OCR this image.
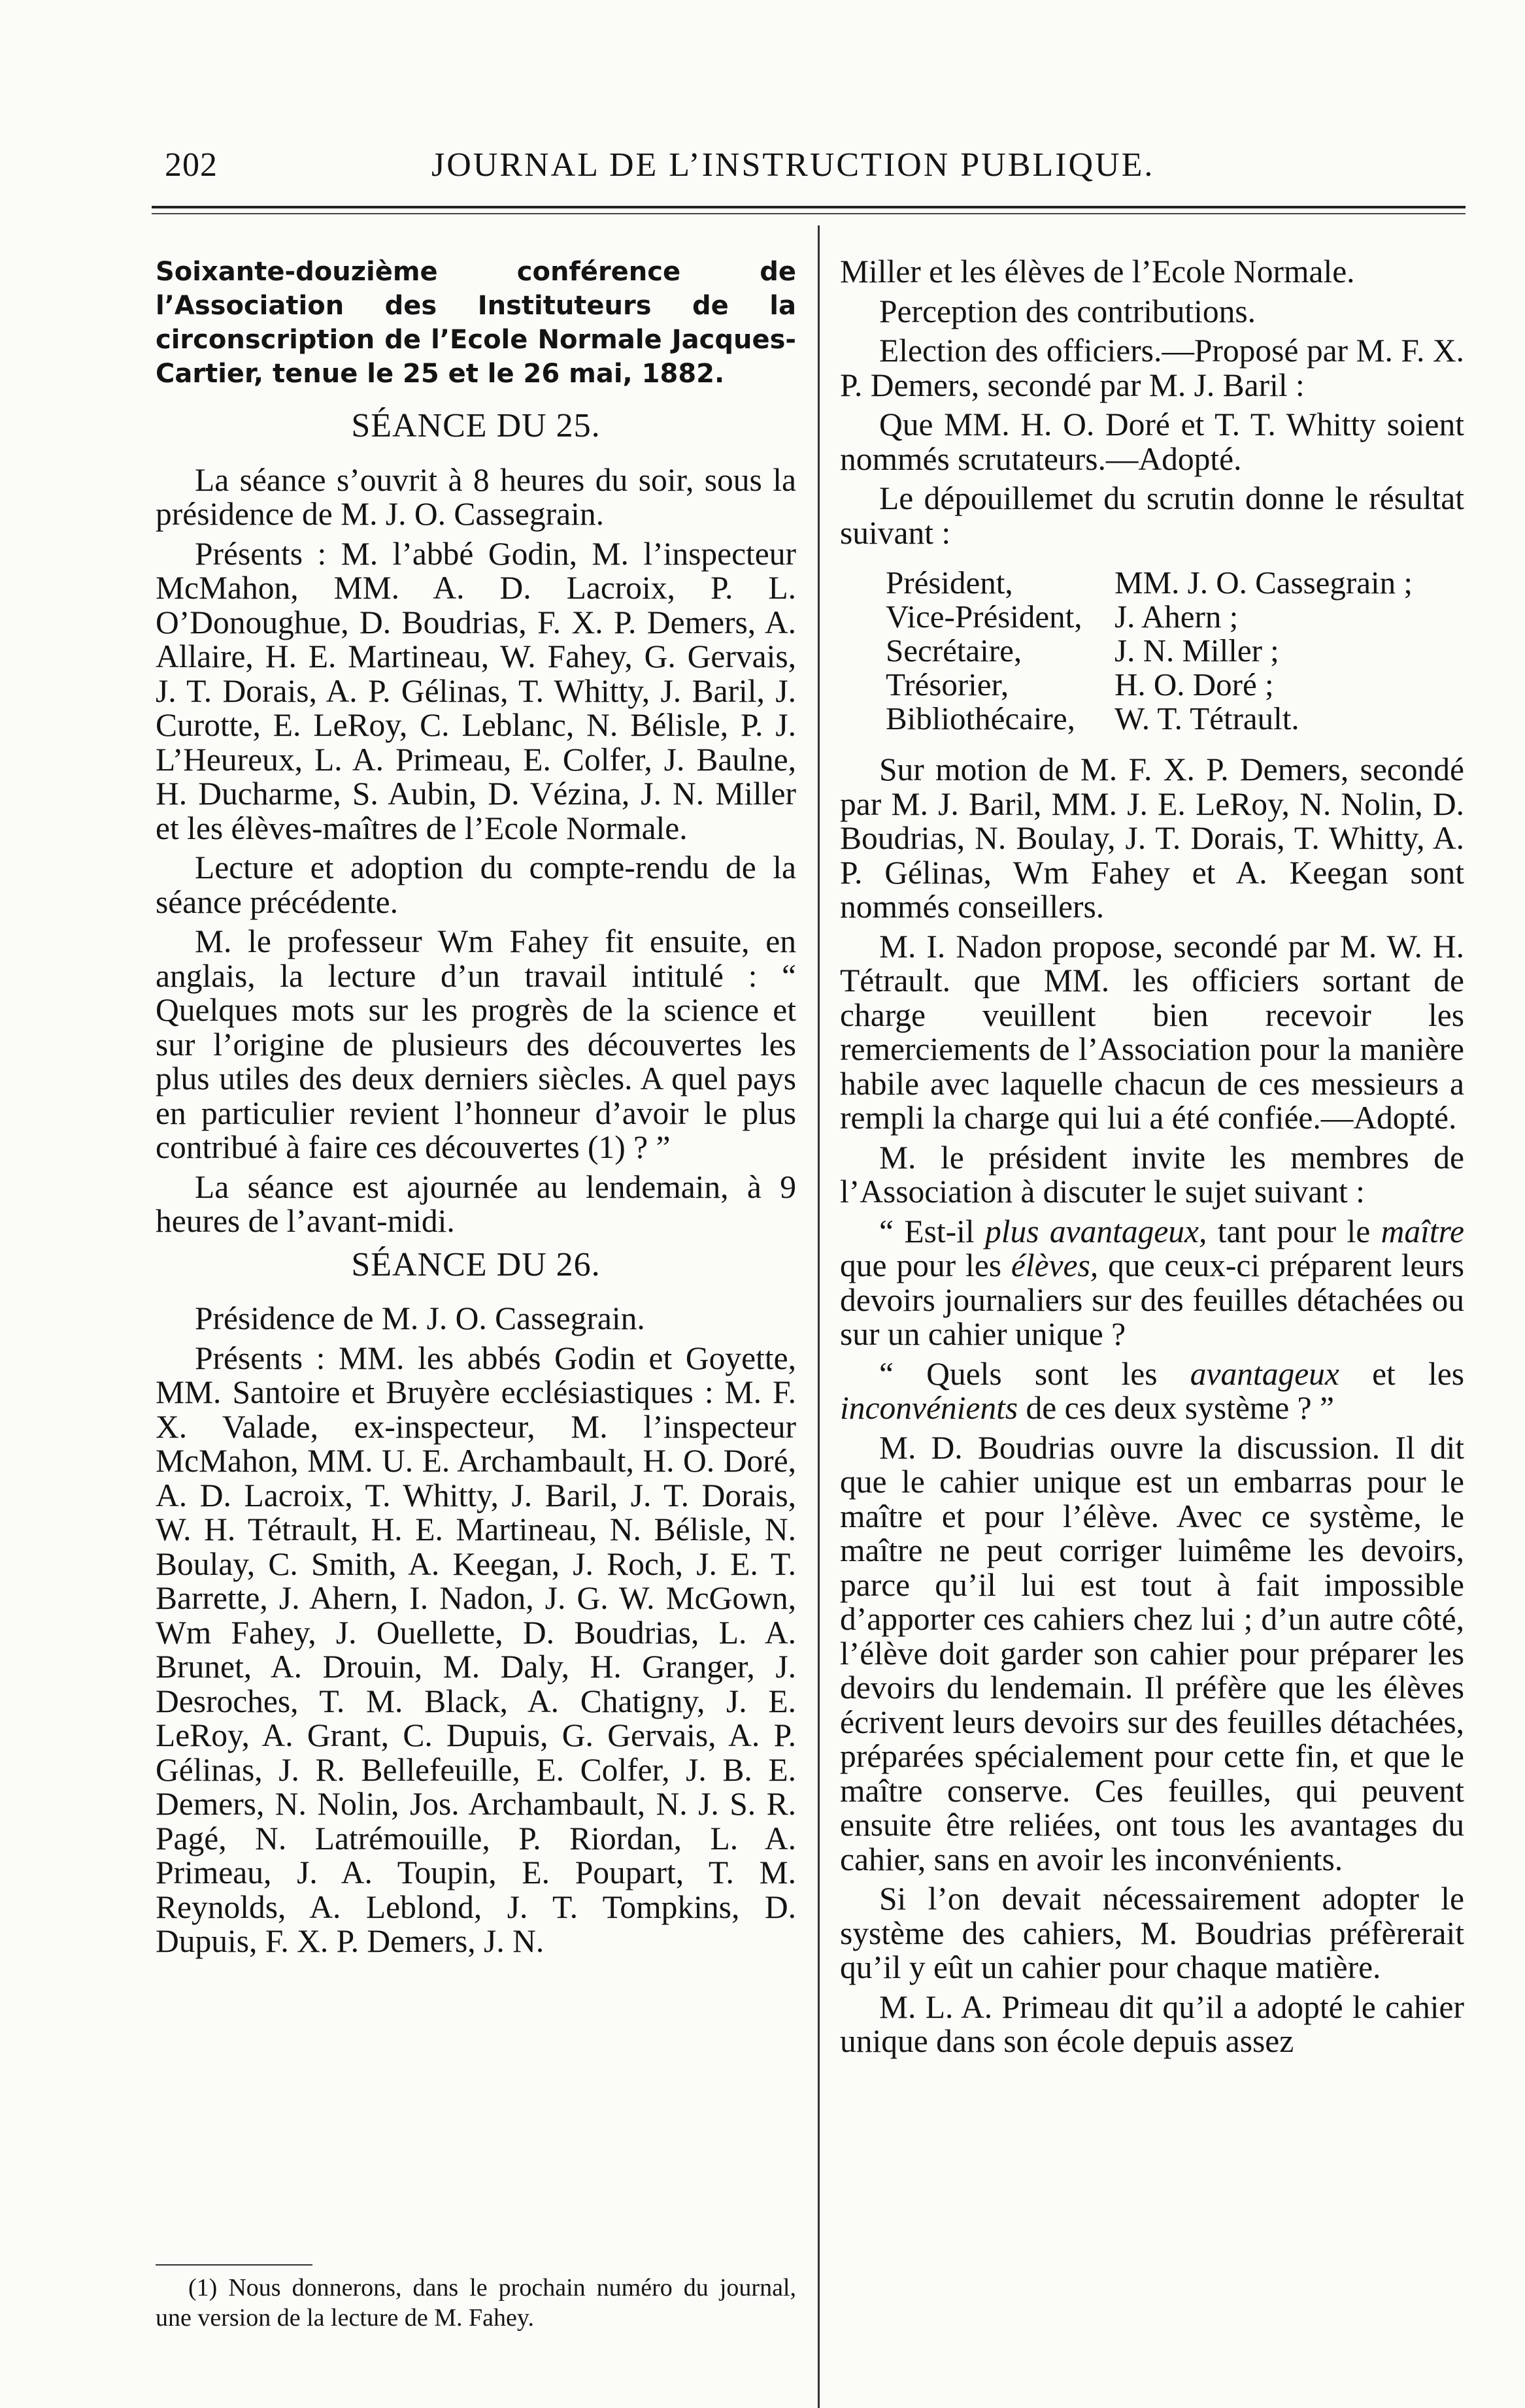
202	JOURNAL DE L’INSTRUCTION PUBLIQUE.
Soixante-douzième conférence de l’Association des Instituteurs de la circonscription de l’Ecole Normale Jacques-Cartier, tenue le 25 et le 26 mai, 1882.
SÉANCE DU 25.

La séance s’ouvrit à 8 heures du soir, sous la présidence de M. J. O. Cassegrain.

Présents : M. l’abbé Godin, M. l’inspecteur McMahon, MM. A. D. Lacroix, P. L. O’Donoughue, D. Boudrias, F. X. P. Demers, A. Allaire, H. E. Martineau, W. Fahey, G. Gervais, J. T. Dorais, A. P. Gélinas, T. Whitty, J. Baril, J. Curotte, E. LeRoy, C. Leblanc, N. Bélisle, P. J. L’Heureux, L. A. Primeau, E. Colfer, J. Baulne, H. Ducharme, S. Aubin, D. Vézina, J. N. Miller et les élèves-maîtres de l’Ecole Normale.

Lecture et adoption du compte-rendu de la séance précédente.

M. le professeur Wm Fahey fit ensuite, en anglais, la lecture d’un travail intitulé : “ Quelques mots sur les progrès de la science et sur l’origine de plusieurs des découvertes les plus utiles des deux derniers siècles. A quel pays en particulier revient l’honneur d’avoir le plus contribué à faire ces découvertes (1) ? ”

La séance est ajournée au lendemain, à 9 heures de l’avant-midi.

SÉANCE DU 26.

Présidence de M. J. O. Cassegrain.

Présents : MM. les abbés Godin et Goyette, MM. Santoire et Bruyère ecclésiastiques : M. F. X. Valade, ex-inspecteur, M. l’inspecteur McMahon, MM. U. E. Archambault, H. O. Doré, A. D. Lacroix, T. Whitty, J. Baril, J. T. Dorais, W. H. Tétrault, H. E. Martineau, N. Bélisle, N. Boulay, C. Smith, A. Keegan, J. Roch, J. E. T. Barrette, J. Ahern, I. Nadon, J. G. W. McGown, Wm Fahey, J. Ouellette, D. Boudrias, L. A. Brunet, A. Drouin, M. Daly, H. Granger, J. Desroches, T. M. Black, A. Chatigny, J. E. LeRoy, A. Grant, C. Dupuis, G. Gervais, A. P. Gélinas, J. R. Bellefeuille, E. Colfer, J. B. E. Demers, N. Nolin, Jos. Archambault, N. J. S. R. Pagé, N. Latrémouille, P. Riordan, L. A. Primeau, J. A. Toupin, E. Poupart, T. M. Reynolds, A. Leblond, J. T. Tompkins, D. Dupuis, F. X. P. Demers, J. N.

(1) Nous donnerons, dans le prochain numéro du journal, une version de la lecture de M. Fahey.

Miller et les élèves de l’Ecole Normale.

Perception des contributions.

Election des officiers.—Proposé par M. F. X. P. Demers, secondé par M. J. Baril :

Que MM. H. O. Doré et T. T. Whitty soient nommés scrutateurs.—Adopté.

Le dépouillemet du scrutin donne le résultat suivant :

Président,	MM. J. O. Cassegrain ;
Vice-Président,	J. Ahern ;
Secrétaire,	J. N. Miller ;
Trésorier,	H. O. Doré ;
Bibliothécaire,	W. T. Tétrault.

Sur motion de M. F. X. P. Demers, secondé par M. J. Baril, MM. J. E. LeRoy, N. Nolin, D. Boudrias, N. Boulay, J. T. Dorais, T. Whitty, A. P. Gélinas, Wm Fahey et A. Keegan sont nommés conseillers.

M. I. Nadon propose, secondé par M. W. H. Tétrault. que MM. les officiers sortant de charge veuillent bien recevoir les remerciements de l’Association pour la manière habile avec laquelle chacun de ces messieurs a rempli la charge qui lui a été confiée.—Adopté.

M. le président invite les membres de l’Association à discuter le sujet suivant :

“ Est-il plus avantageux, tant pour le maître que pour les élèves, que ceux-ci préparent leurs devoirs journaliers sur des feuilles détachées ou sur un cahier unique ?

“ Quels sont les avantageux et les inconvénients de ces deux système ? ”

M. D. Boudrias ouvre la discussion. Il dit que le cahier unique est un embarras pour le maître et pour l’élève. Avec ce système, le maître ne peut corriger luimême les devoirs, parce qu’il lui est tout à fait impossible d’apporter ces cahiers chez lui ; d’un autre côté, l’élève doit garder son cahier pour préparer les devoirs du lendemain. Il préfère que les élèves écrivent leurs devoirs sur des feuilles détachées, préparées spécialement pour cette fin, et que le maître conserve. Ces feuilles, qui peuvent ensuite être reliées, ont tous les avantages du cahier, sans en avoir les inconvénients.

Si l’on devait nécessairement adopter le système des cahiers, M. Boudrias préfèrerait qu’il y eût un cahier pour chaque matière.

M. L. A. Primeau dit qu’il a adopté le cahier unique dans son école depuis assez
